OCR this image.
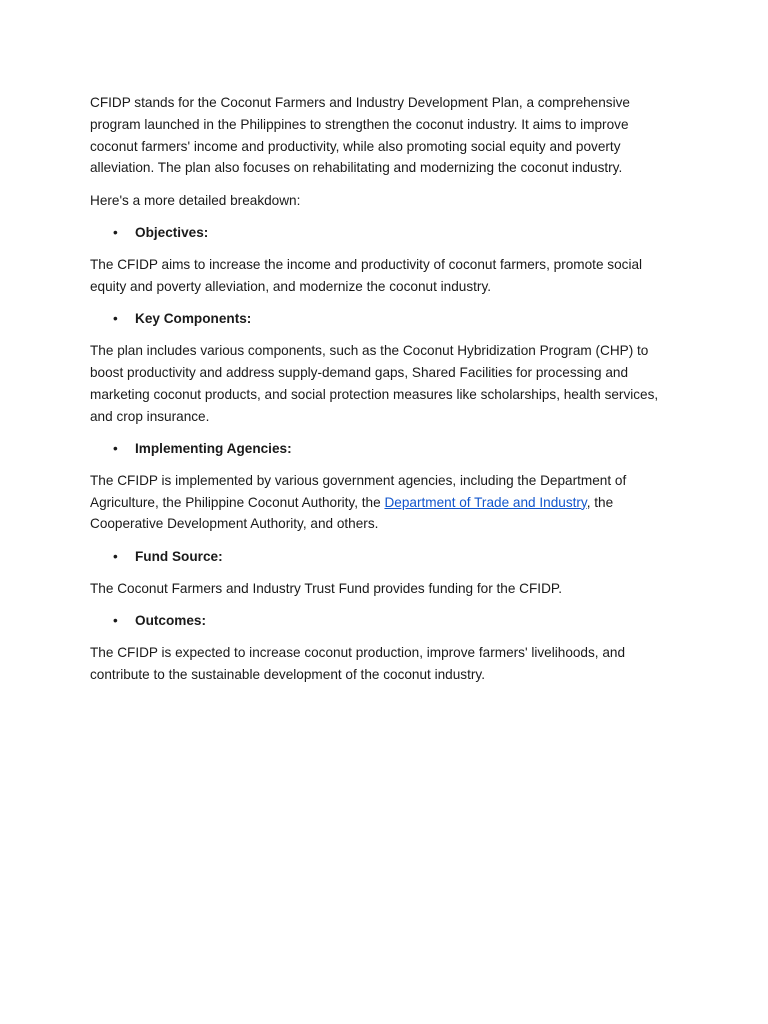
CFIDP stands for the Coconut Farmers and Industry Development Plan, a comprehensive program launched in the Philippines to strengthen the coconut industry. It aims to improve coconut farmers' income and productivity, while also promoting social equity and poverty alleviation. The plan also focuses on rehabilitating and modernizing the coconut industry.

Here's a more detailed breakdown:

• Objectives:

The CFIDP aims to increase the income and productivity of coconut farmers, promote social equity and poverty alleviation, and modernize the coconut industry.

• Key Components:

The plan includes various components, such as the Coconut Hybridization Program (CHP) to boost productivity and address supply-demand gaps, Shared Facilities for processing and marketing coconut products, and social protection measures like scholarships, health services, and crop insurance.

• Implementing Agencies:

The CFIDP is implemented by various government agencies, including the Department of Agriculture, the Philippine Coconut Authority, the Department of Trade and Industry, the Cooperative Development Authority, and others.

• Fund Source:

The Coconut Farmers and Industry Trust Fund provides funding for the CFIDP.

• Outcomes:

The CFIDP is expected to increase coconut production, improve farmers' livelihoods, and contribute to the sustainable development of the coconut industry.
